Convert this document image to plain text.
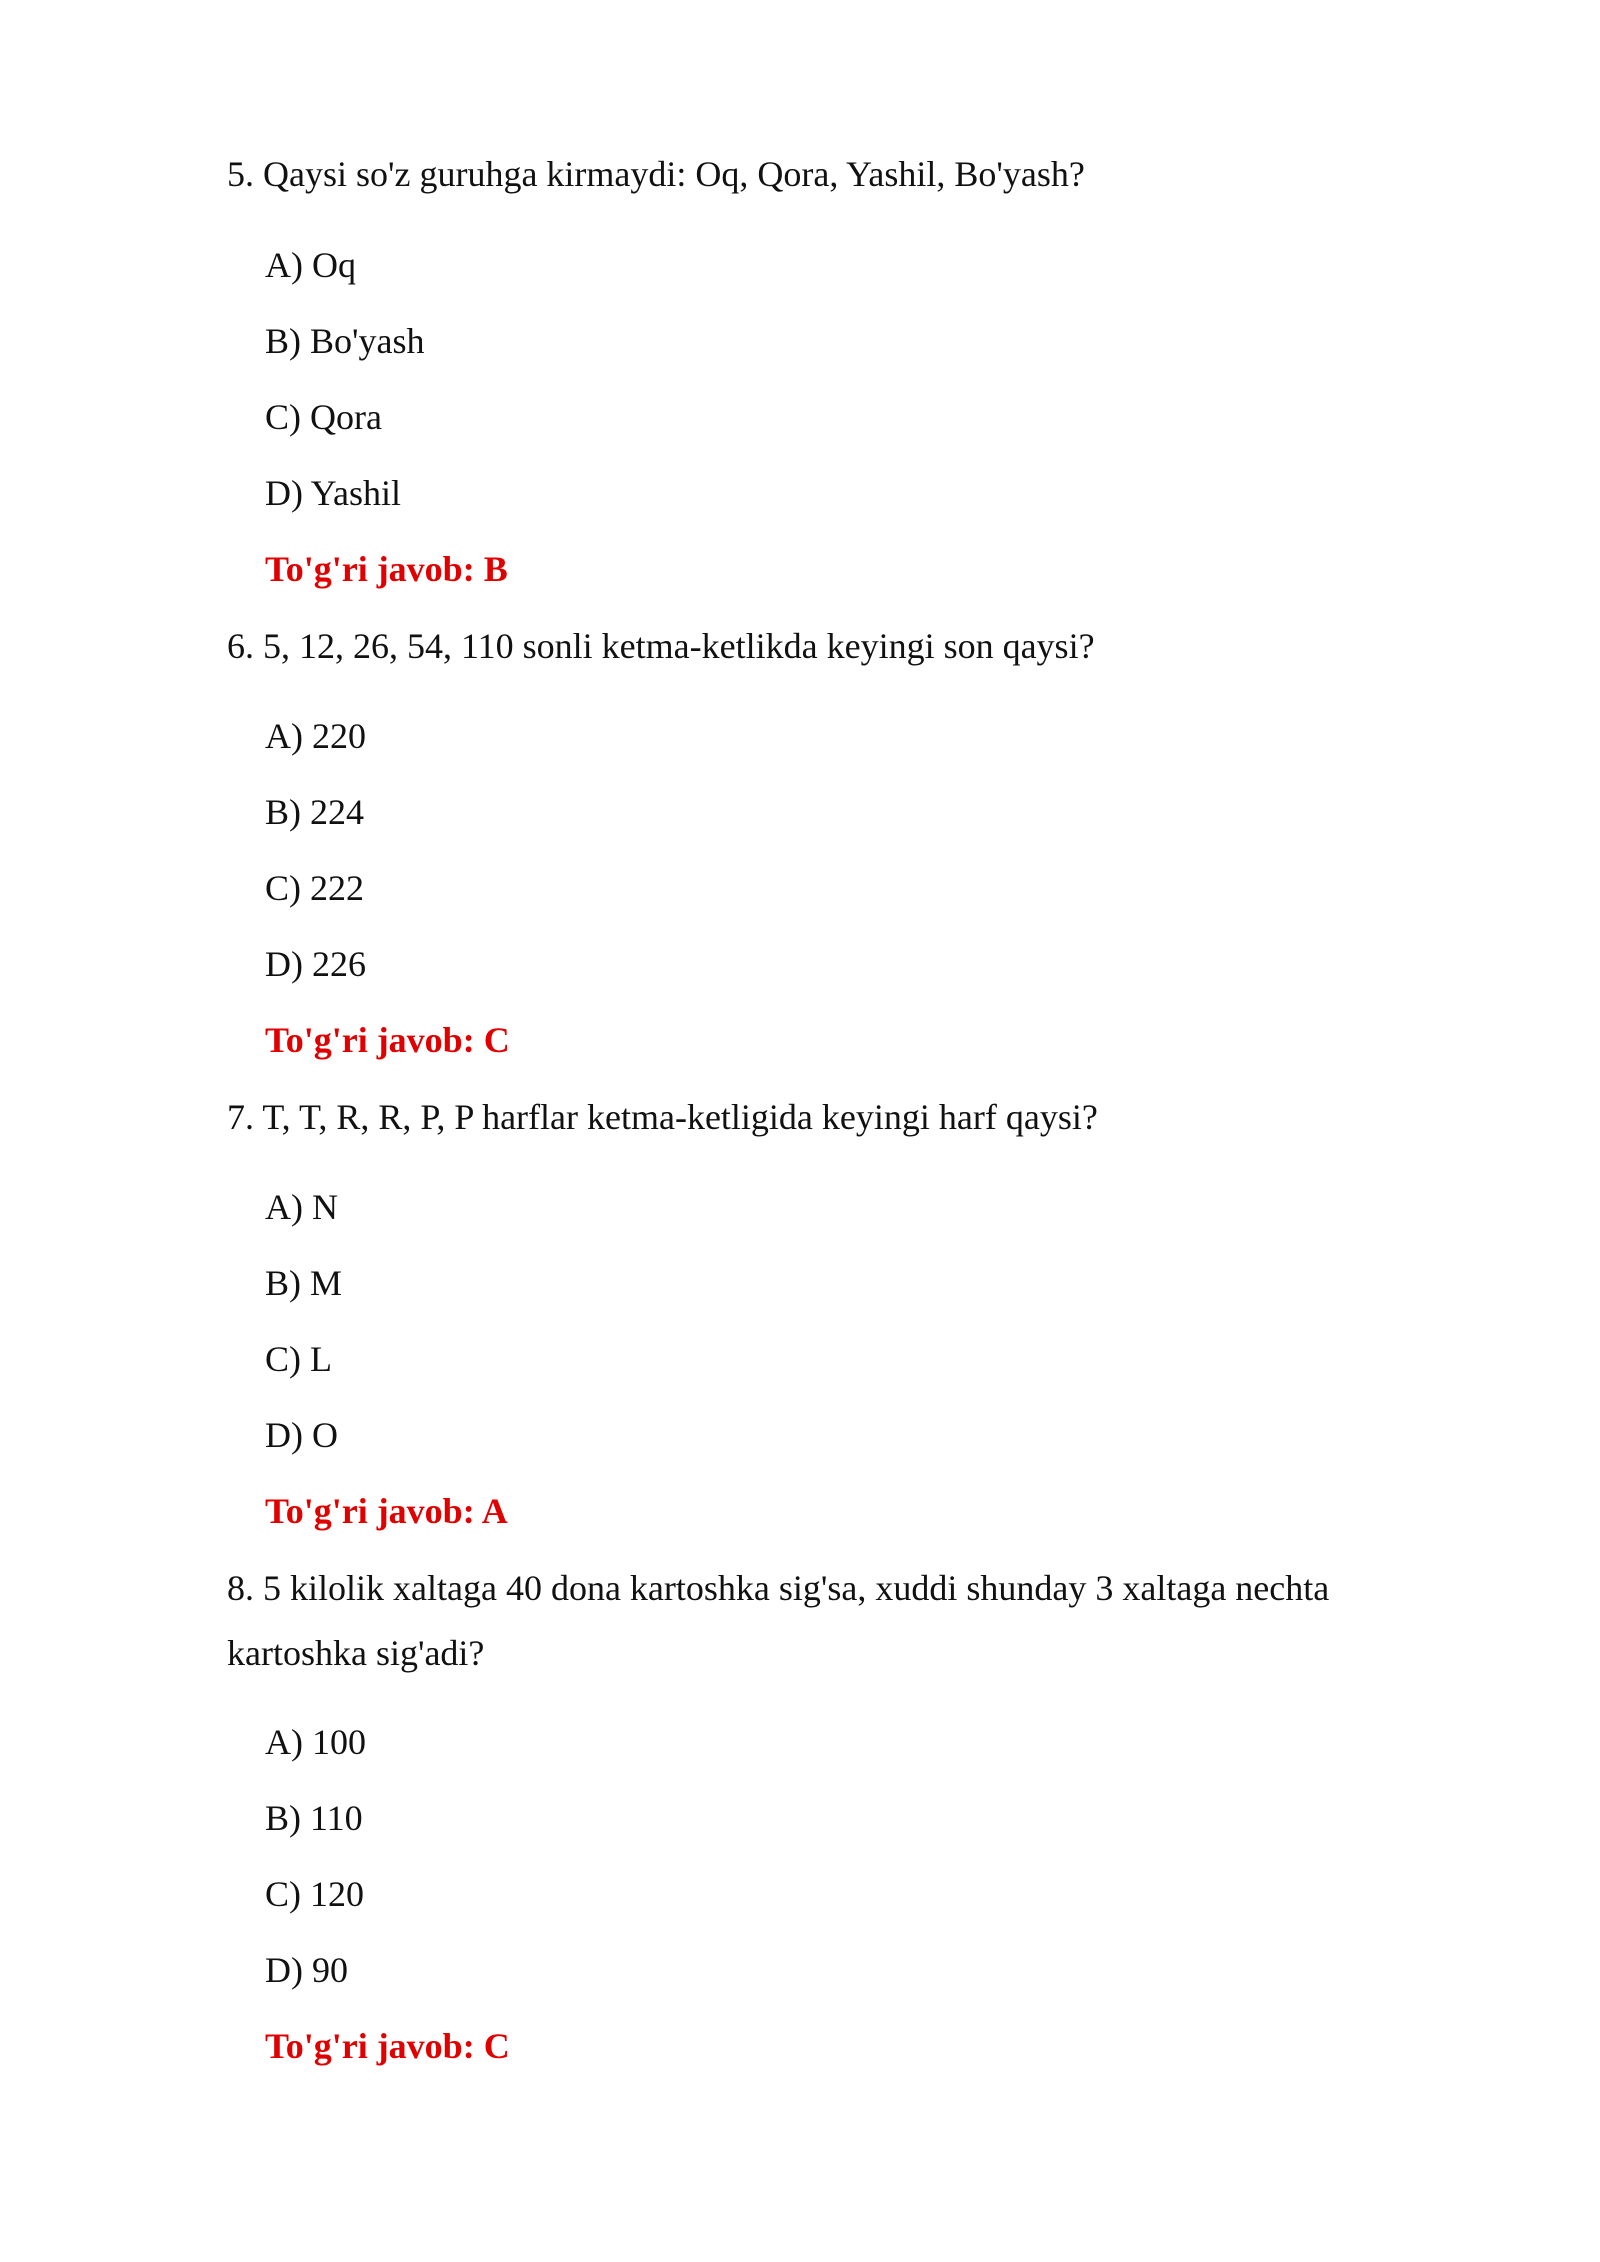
5. Qaysi so'z guruhga kirmaydi: Oq, Qora, Yashil, Bo'yash?
A) Oq
B) Bo'yash
C) Qora
D) Yashil
To'g'ri javob: B
6. 5, 12, 26, 54, 110 sonli ketma-ketlikda keyingi son qaysi?
A) 220
B) 224
C) 222
D) 226
To'g'ri javob: C
7. T, T, R, R, P, P harflar ketma-ketligida keyingi harf qaysi?
A) N
B) M
C) L
D) O
To'g'ri javob: A
8. 5 kilolik xaltaga 40 dona kartoshka sig'sa, xuddi shunday 3 xaltaga nechta kartoshka sig'adi?
A) 100
B) 110
C) 120
D) 90
To'g'ri javob: C
